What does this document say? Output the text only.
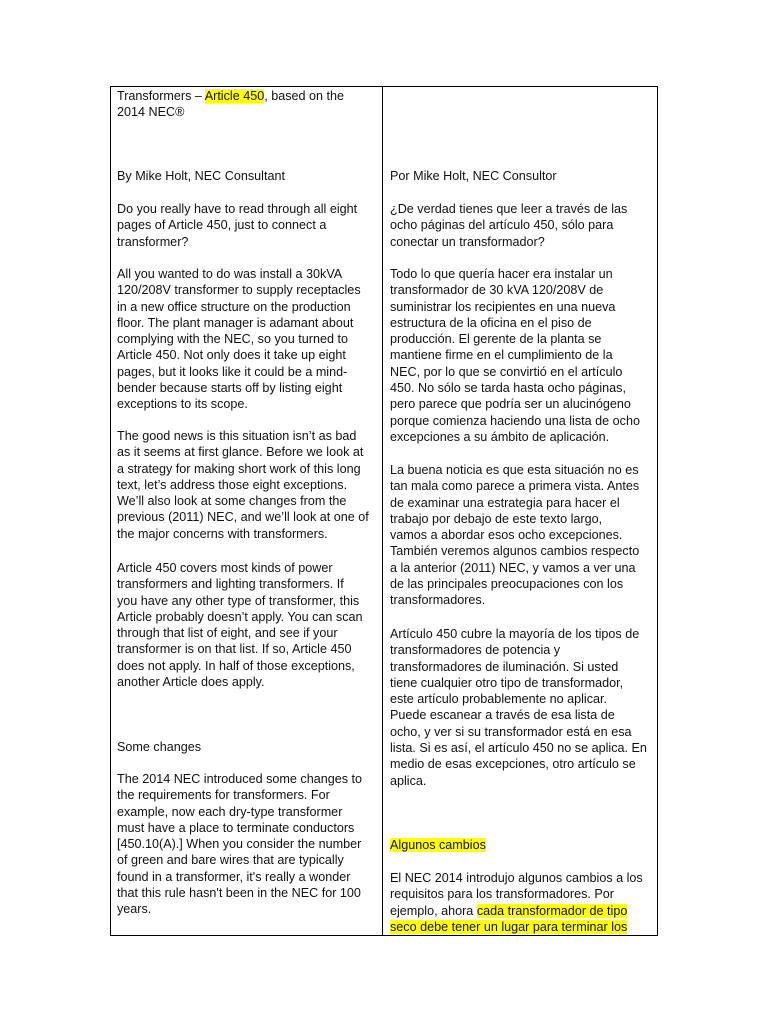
Transformers – Article 450, based on the
2014 NEC®

By Mike Holt, NEC Consultant

Do you really have to read through all eight
pages of Article 450, just to connect a
transformer?

All you wanted to do was install a 30kVA
120/208V transformer to supply receptacles
in a new office structure on the production
floor. The plant manager is adamant about
complying with the NEC, so you turned to
Article 450. Not only does it take up eight
pages, but it looks like it could be a mind-
bender because starts off by listing eight
exceptions to its scope.

The good news is this situation isn’t as bad
as it seems at first glance. Before we look at
a strategy for making short work of this long
text, let’s address those eight exceptions.
We’ll also look at some changes from the
previous (2011) NEC, and we’ll look at one of
the major concerns with transformers.

Article 450 covers most kinds of power
transformers and lighting transformers. If
you have any other type of transformer, this
Article probably doesn’t apply. You can scan
through that list of eight, and see if your
transformer is on that list. If so, Article 450
does not apply. In half of those exceptions,
another Article does apply.

Some changes

The 2014 NEC introduced some changes to
the requirements for transformers. For
example, now each dry-type transformer
must have a place to terminate conductors
[450.10(A).] When you consider the number
of green and bare wires that are typically
found in a transformer, it's really a wonder
that this rule hasn't been in the NEC for 100
years.

Por Mike Holt, NEC Consultor

¿De verdad tienes que leer a través de las
ocho páginas del artículo 450, sólo para
conectar un transformador?

Todo lo que quería hacer era instalar un
transformador de 30 kVA 120/208V de
suministrar los recipientes en una nueva
estructura de la oficina en el piso de
producción. El gerente de la planta se
mantiene firme en el cumplimiento de la
NEC, por lo que se convirtió en el artículo
450. No sólo se tarda hasta ocho páginas,
pero parece que podría ser un alucinógeno
porque comienza haciendo una lista de ocho
excepciones a su ámbito de aplicación.

La buena noticia es que esta situación no es
tan mala como parece a primera vista. Antes
de examinar una estrategia para hacer el
trabajo por debajo de este texto largo,
vamos a abordar esos ocho excepciones.
También veremos algunos cambios respecto
a la anterior (2011) NEC, y vamos a ver una
de las principales preocupaciones con los
transformadores.

Artículo 450 cubre la mayoría de los tipos de
transformadores de potencia y
transformadores de iluminación. Si usted
tiene cualquier otro tipo de transformador,
este artículo probablemente no aplicar.
Puede escanear a través de esa lista de
ocho, y ver si su transformador está en esa
lista. Si es así, el artículo 450 no se aplica. En
medio de esas excepciones, otro artículo se
aplica.

Algunos cambios

El NEC 2014 introdujo algunos cambios a los
requisitos para los transformadores. Por
ejemplo, ahora cada transformador de tipo
seco debe tener un lugar para terminar los
